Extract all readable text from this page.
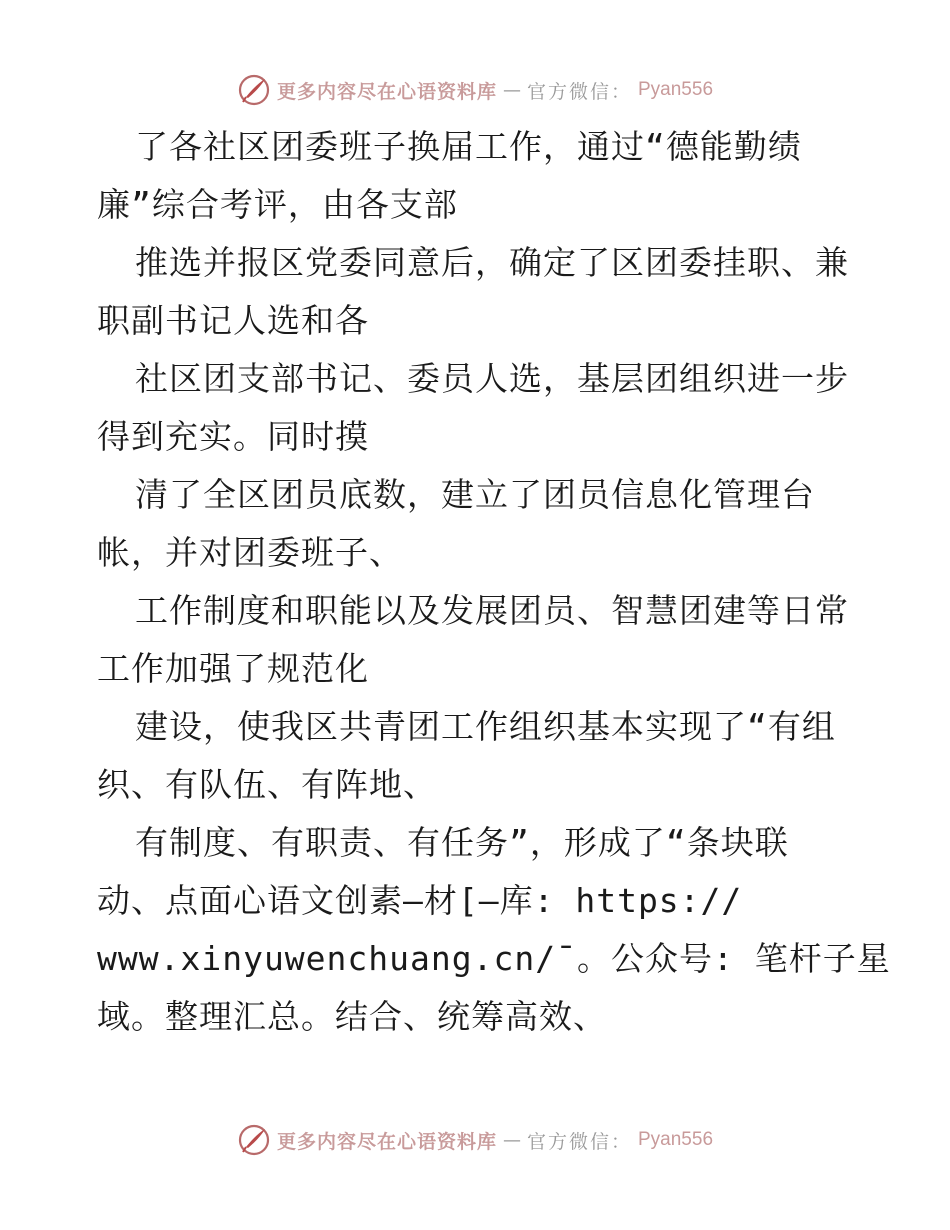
更多内容尽在心语资料库 — 官方微信： Pyan556
了各社区团委班子换届工作，通过“德能勤绩
廉”综合考评，由各支部
推选并报区党委同意后，确定了区团委挂职、兼
职副书记人选和各
社区团支部书记、委员人选，基层团组织进一步
得到充实。同时摸
清了全区团员底数，建立了团员信息化管理台
帐，并对团委班子、
工作制度和职能以及发展团员、智慧团建等日常
工作加强了规范化
建设，使我区共青团工作组织基本实现了“有组
织、有队伍、有阵地、
有制度、有职责、有任务”，形成了“条块联
动、点面心语文创素—材[—库: https://
www.xinyuwenchuang.cn/¯。公众号: 笔杆子星
域。整理汇总。结合、统筹高效、
更多内容尽在心语资料库 — 官方微信： Pyan556
